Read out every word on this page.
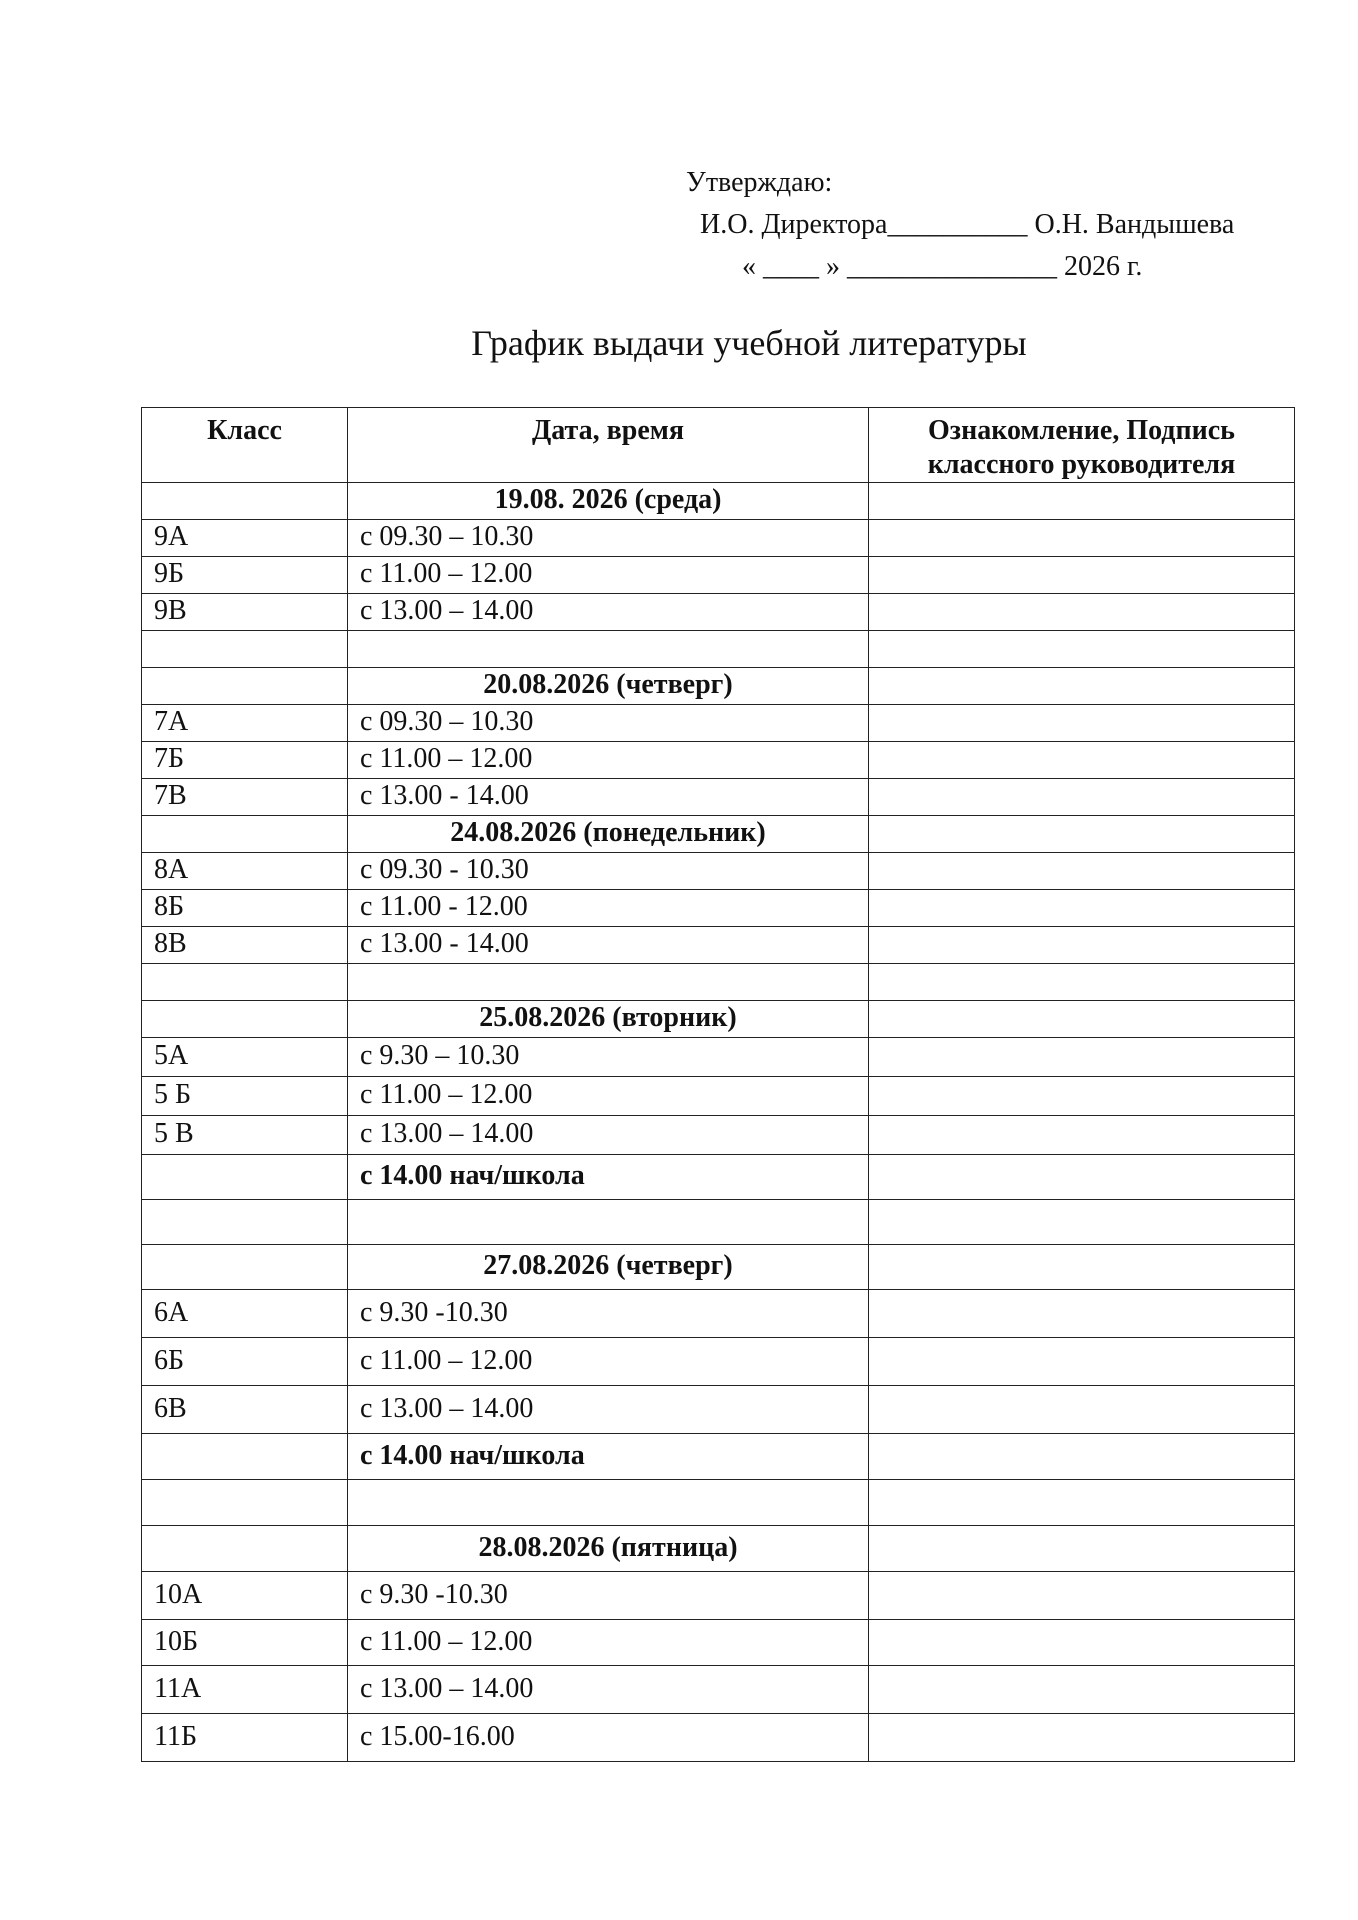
Утверждаю:
И.О. Директора__________ О.Н. Вандышева
« ____ » _______________ 2026 г.
График выдачи учебной литературы
Класс	Дата, время	Ознакомление, Подпись
классного руководителя

	19.08. 2026 (среда)	
9А	с 09.30 – 10.30	
9Б	с 11.00 – 12.00	
9В	с 13.00 – 14.00	

	20.08.2026 (четверг)	
7А	с 09.30 – 10.30	
7Б	с 11.00 – 12.00	
7В	с 13.00 - 14.00	
	24.08.2026 (понедельник)	
8А	с 09.30 - 10.30	
8Б	с 11.00 - 12.00	
8В	с 13.00 - 14.00	

	25.08.2026 (вторник)	
5А	с 9.30 – 10.30	
5 Б	с 11.00 – 12.00	
5 В	с 13.00 – 14.00	
	с 14.00 нач/школа	

	27.08.2026 (четверг)	
6А	с 9.30 -10.30	
6Б	с 11.00 – 12.00	
6В	с 13.00 – 14.00	
	с 14.00 нач/школа	

	28.08.2026 (пятница)	
10А	с 9.30 -10.30	
10Б	с 11.00 – 12.00	
11А	с 13.00 – 14.00	
11Б	с 15.00-16.00	
